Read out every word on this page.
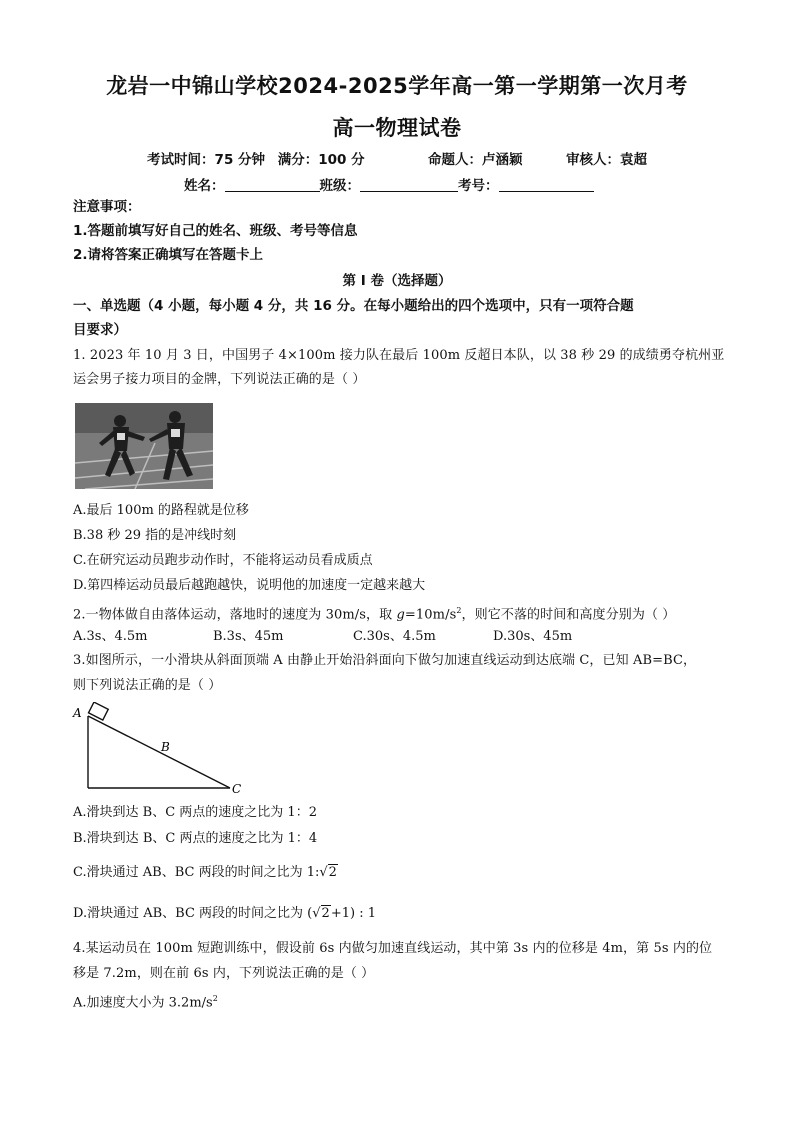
龙岩一中锦山学校2024-2025学年高一第一学期第一次月考
高一物理试卷
考试时间：75 分钟 满分：100 分	命题人：卢涵颖	审核人：袁超
姓名：	班级：	考号：
注意事项：
1.答题前填写好自己的姓名、班级、考号等信息
2.请将答案正确填写在答题卡上
第 I 卷（选择题）
一、单选题（4 小题，每小题 4 分，共 16 分。在每小题给出的四个选项中，只有一项符合题
目要求）
1. 2023 年 10 月 3 日，中国男子 4×100m 接力队在最后 100m 反超日本队，以 38 秒 29 的成绩勇夺杭州亚
运会男子接力项目的金牌，下列说法正确的是（ ）
A.最后 100m 的路程就是位移
B.38 秒 29 指的是冲线时刻
C.在研究运动员跑步动作时，不能将运动员看成质点
D.第四棒运动员最后越跑越快，说明他的加速度一定越来越大
2.一物体做自由落体运动，落地时的速度为 30m/s，取 $g=10m/s^2$，则它不落的时间和高度分别为（ ）
A.3s、4.5m	B.3s、45m	C.30s、4.5m	D.30s、45m
3.如图所示，一小滑块从斜面顶端 A 由静止开始沿斜面向下做匀加速直线运动到达底端 C，已知 AB=BC，
则下列说法正确的是（ ）
A
B
C
A.滑块到达 B、C 两点的速度之比为 1：2
B.滑块到达 B、C 两点的速度之比为 1：4
C.滑块通过 AB、BC 两段的时间之比为 1:√2
D.滑块通过 AB、BC 两段的时间之比为 (√2+1) : 1
4.某运动员在 100m 短跑训练中，假设前 6s 内做匀加速直线运动，其中第 3s 内的位移是 4m，第 5s 内的位
移是 7.2m，则在前 6s 内，下列说法正确的是（ ）
A.加速度大小为 $3.2m/s^2$
